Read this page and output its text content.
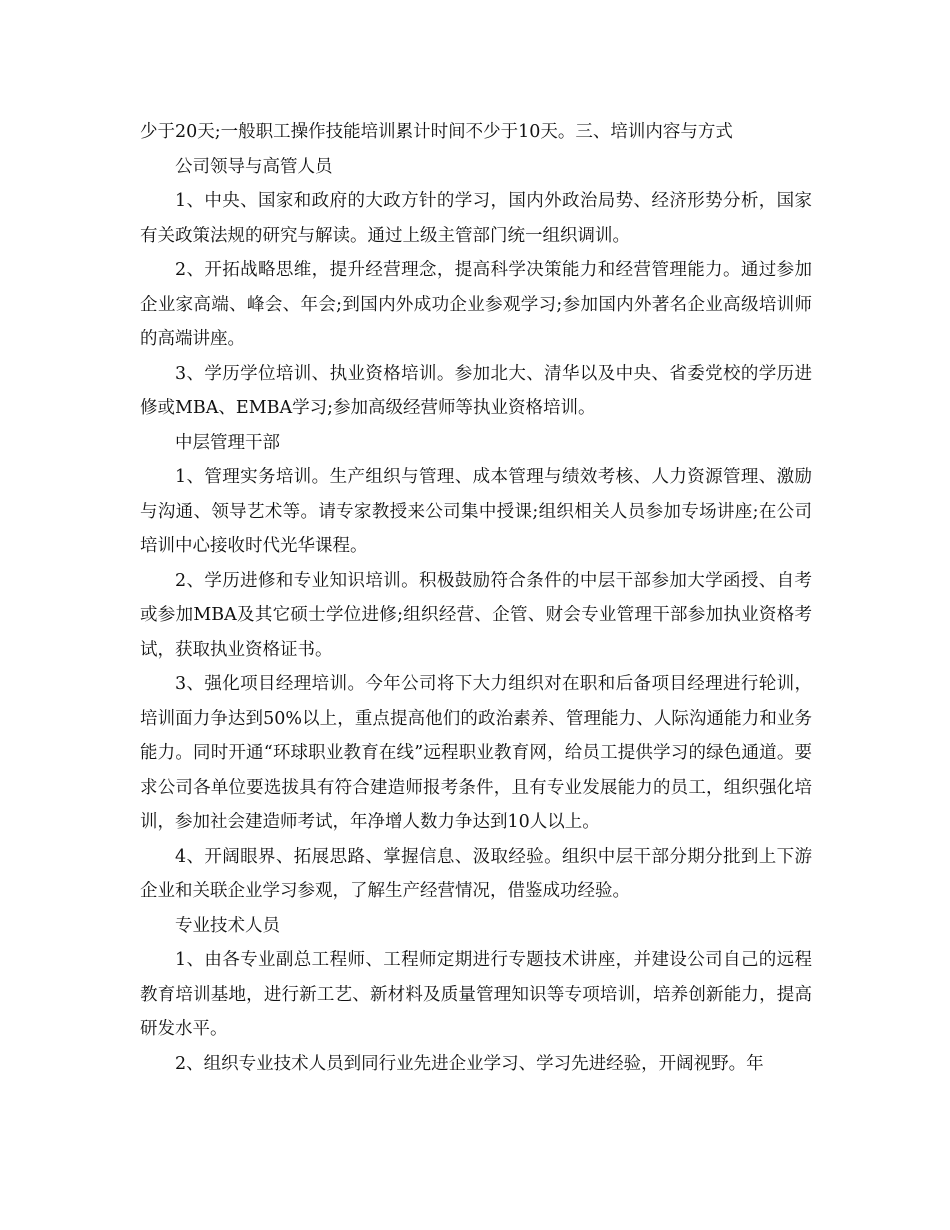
少于20天;一般职工操作技能培训累计时间不少于10天。三、培训内容与方式

公司领导与高管人员

1、中央、国家和政府的大政方针的学习，国内外政治局势、经济形势分析，国家有关政策法规的研究与解读。通过上级主管部门统一组织调训。

2、开拓战略思维，提升经营理念，提高科学决策能力和经营管理能力。通过参加企业家高端、峰会、年会;到国内外成功企业参观学习;参加国内外著名企业高级培训师的高端讲座。

3、学历学位培训、执业资格培训。参加北大、清华以及中央、省委党校的学历进修或MBA、EMBA学习;参加高级经营师等执业资格培训。

中层管理干部

1、管理实务培训。生产组织与管理、成本管理与绩效考核、人力资源管理、激励与沟通、领导艺术等。请专家教授来公司集中授课;组织相关人员参加专场讲座;在公司培训中心接收时代光华课程。

2、学历进修和专业知识培训。积极鼓励符合条件的中层干部参加大学函授、自考或参加MBA及其它硕士学位进修;组织经营、企管、财会专业管理干部参加执业资格考试，获取执业资格证书。

3、强化项目经理培训。今年公司将下大力组织对在职和后备项目经理进行轮训，培训面力争达到50%以上，重点提高他们的政治素养、管理能力、人际沟通能力和业务能力。同时开通“环球职业教育在线”远程职业教育网，给员工提供学习的绿色通道。要求公司各单位要选拔具有符合建造师报考条件，且有专业发展能力的员工，组织强化培训，参加社会建造师考试，年净增人数力争达到10人以上。

4、开阔眼界、拓展思路、掌握信息、汲取经验。组织中层干部分期分批到上下游企业和关联企业学习参观，了解生产经营情况，借鉴成功经验。

专业技术人员

1、由各专业副总工程师、工程师定期进行专题技术讲座，并建设公司自己的远程教育培训基地，进行新工艺、新材料及质量管理知识等专项培训，培养创新能力，提高研发水平。

2、组织专业技术人员到同行业先进企业学习、学习先进经验，开阔视野。年
